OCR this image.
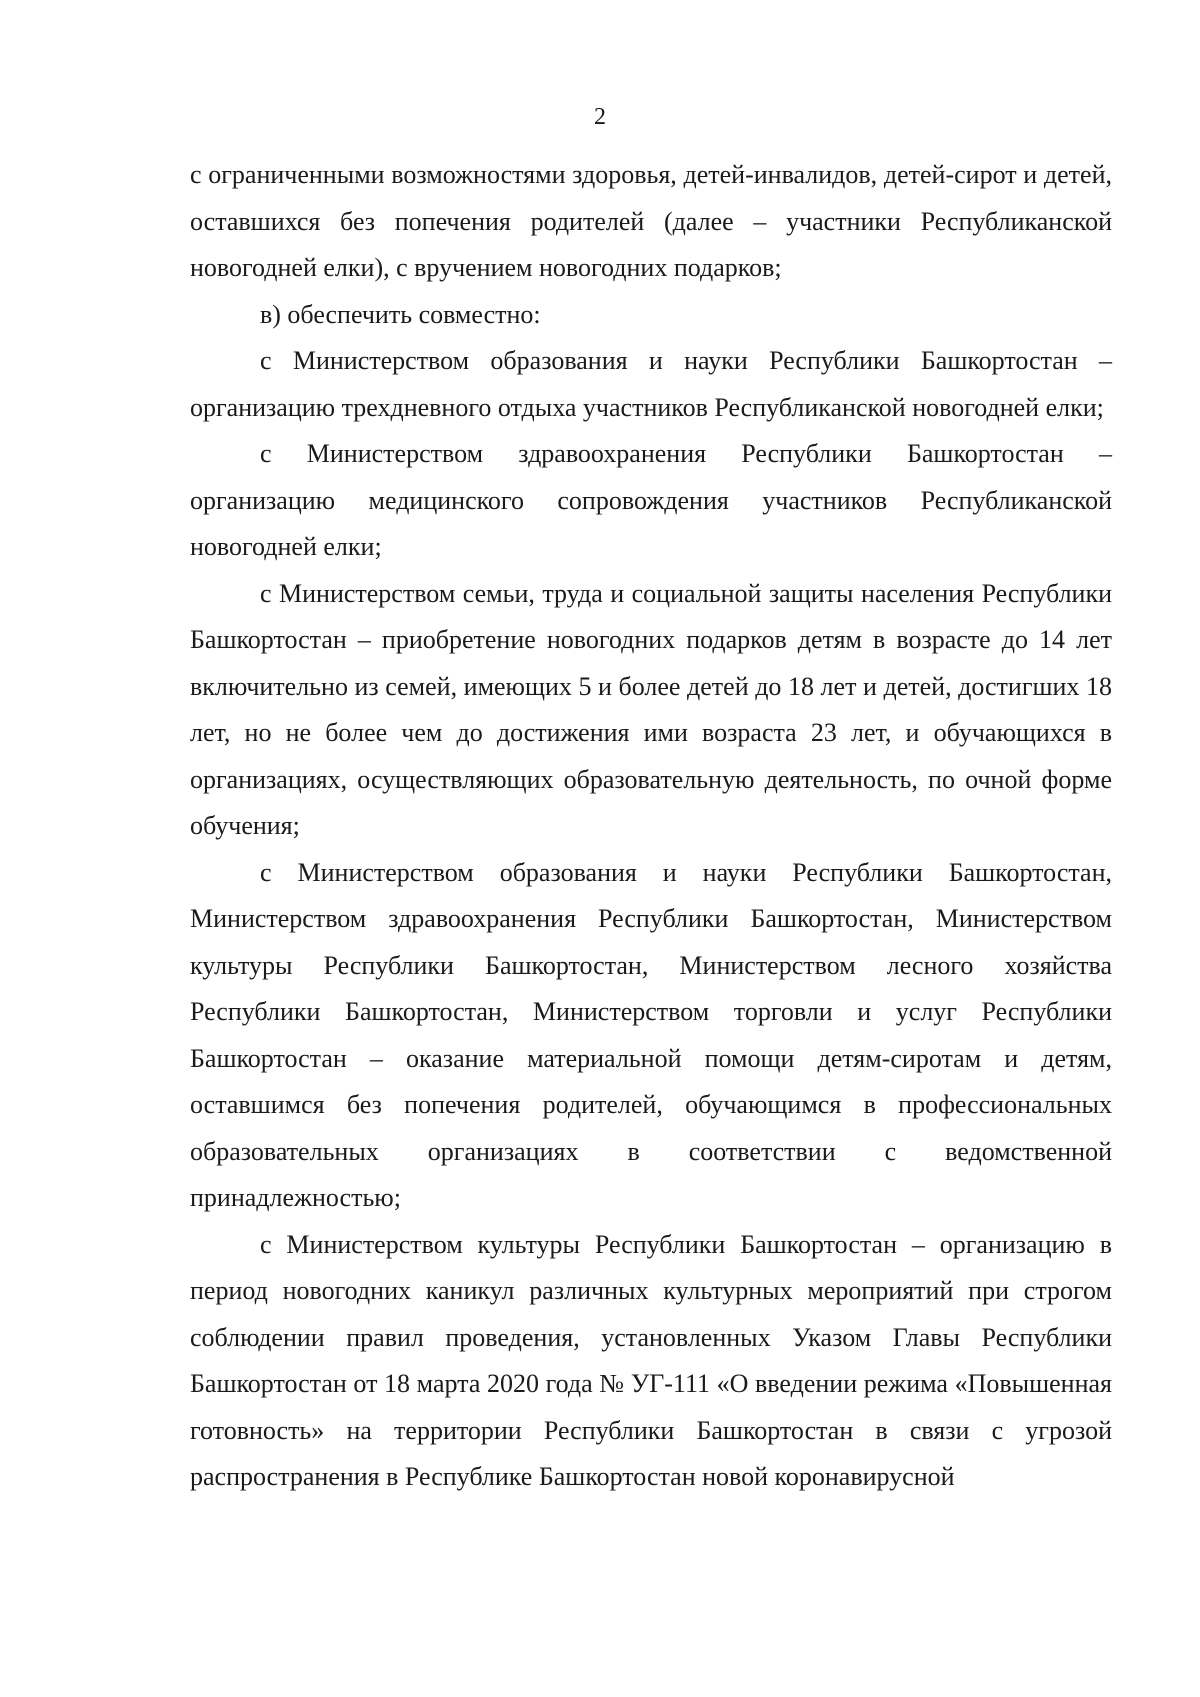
2

с ограниченными возможностями здоровья, детей-инвалидов, детей-сирот и детей, оставшихся без попечения родителей (далее – участники Республиканской новогодней елки), с вручением новогодних подарков;

в) обеспечить совместно:

с Министерством образования и науки Республики Башкортостан – организацию трехдневного отдыха участников Республиканской новогодней елки;

с Министерством здравоохранения Республики Башкортостан – организацию медицинского сопровождения участников Республиканской новогодней елки;

с Министерством семьи, труда и социальной защиты населения Республики Башкортостан – приобретение новогодних подарков детям в возрасте до 14 лет включительно из семей, имеющих 5 и более детей до 18 лет и детей, достигших 18 лет, но не более чем до достижения ими возраста 23 лет, и обучающихся в организациях, осуществляющих образовательную деятельность, по очной форме обучения;

с Министерством образования и науки Республики Башкортостан, Министерством здравоохранения Республики Башкортостан, Министерством культуры Республики Башкортостан, Министерством лесного хозяйства Республики Башкортостан, Министерством торговли и услуг Республики Башкортостан – оказание материальной помощи детям-сиротам и детям, оставшимся без попечения родителей, обучающимся в профессиональных образовательных организациях в соответствии с ведомственной принадлежностью;

с Министерством культуры Республики Башкортостан – организацию в период новогодних каникул различных культурных мероприятий при строгом соблюдении правил проведения, установленных Указом Главы Республики Башкортостан от 18 марта 2020 года № УГ-111 «О введении режима «Повышенная готовность» на территории Республики Башкортостан в связи с угрозой распространения в Республике Башкортостан новой коронавирусной
